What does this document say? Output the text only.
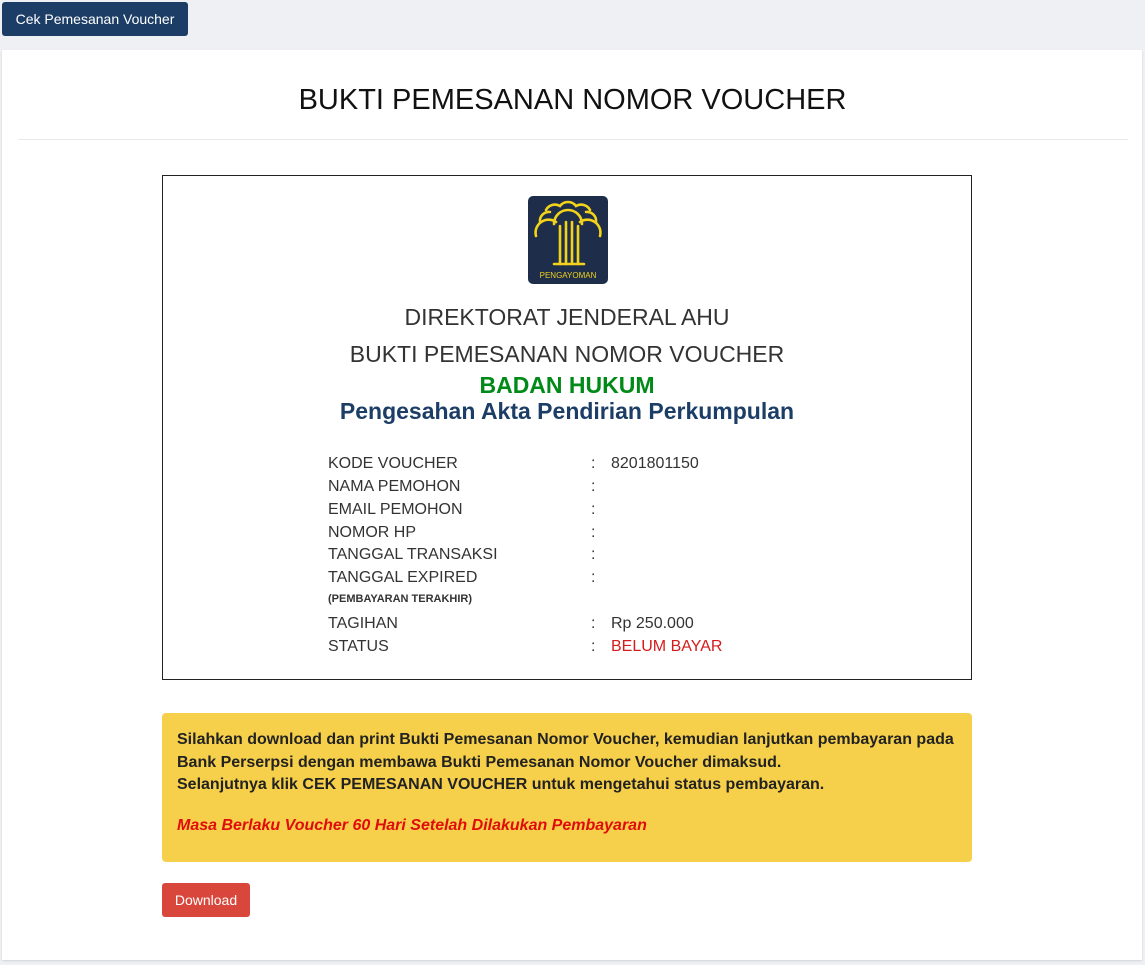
Cek Pemesanan Voucher
BUKTI PEMESANAN NOMOR VOUCHER
PENGAYOMAN
DIREKTORAT JENDERAL AHU
BUKTI PEMESANAN NOMOR VOUCHER
BADAN HUKUM
Pengesahan Akta Pendirian Perkumpulan
KODE VOUCHER	: 8201801150
NAMA PEMOHON	:
EMAIL PEMOHON	:
NOMOR HP	:
TANGGAL TRANSAKSI	:
TANGGAL EXPIRED	:
(PEMBAYARAN TERAKHIR)
TAGIHAN	: Rp 250.000
STATUS	: BELUM BAYAR
Silahkan download dan print Bukti Pemesanan Nomor Voucher, kemudian lanjutkan pembayaran pada
Bank Perserpsi dengan membawa Bukti Pemesanan Nomor Voucher dimaksud.
Selanjutnya klik CEK PEMESANAN VOUCHER untuk mengetahui status pembayaran.
Masa Berlaku Voucher 60 Hari Setelah Dilakukan Pembayaran
Download
